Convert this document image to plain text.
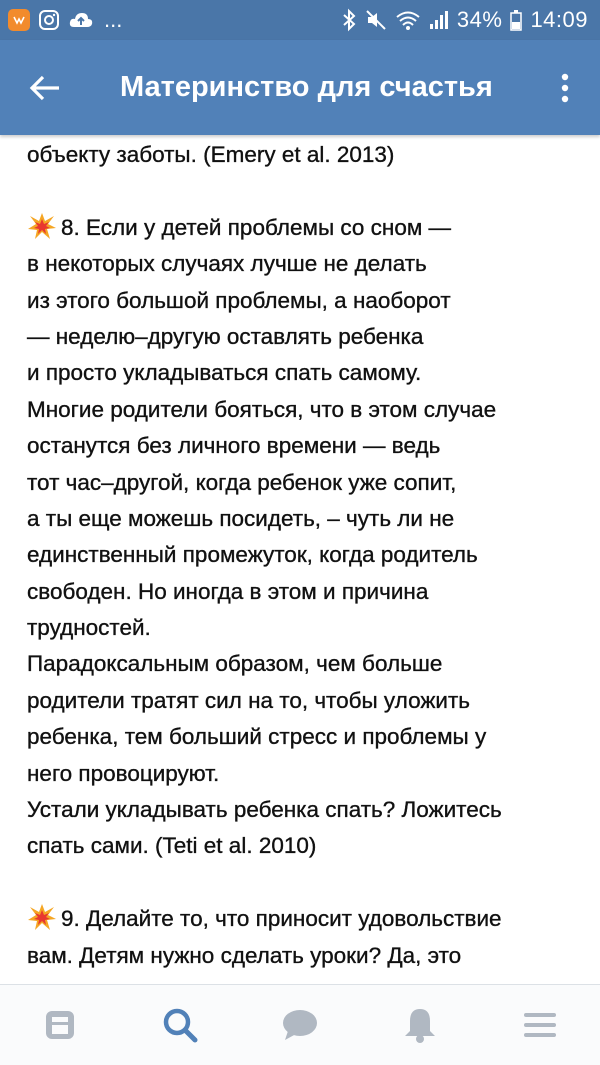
...	34% 14:09
Материнство для счастья
объекту заботы. (Emery et al. 2013)
8. Если у детей проблемы со сном —
в некоторых случаях лучше не делать
из этого большой проблемы, а наоборот
— неделю–другую оставлять ребенка
и просто укладываться спать самому.
Многие родители бояться, что в этом случае
останутся без личного времени — ведь
тот час–другой, когда ребенок уже сопит,
а ты еще можешь посидеть, – чуть ли не
единственный промежуток, когда родитель
свободен. Но иногда в этом и причина
трудностей.
Парадоксальным образом, чем больше
родители тратят сил на то, чтобы уложить
ребенка, тем больший стресс и проблемы у
него провоцируют.
Устали укладывать ребенка спать? Ложитесь
спать сами. (Teti et al. 2010)
9. Делайте то, что приносит удовольствие
вам. Детям нужно сделать уроки? Да, это
